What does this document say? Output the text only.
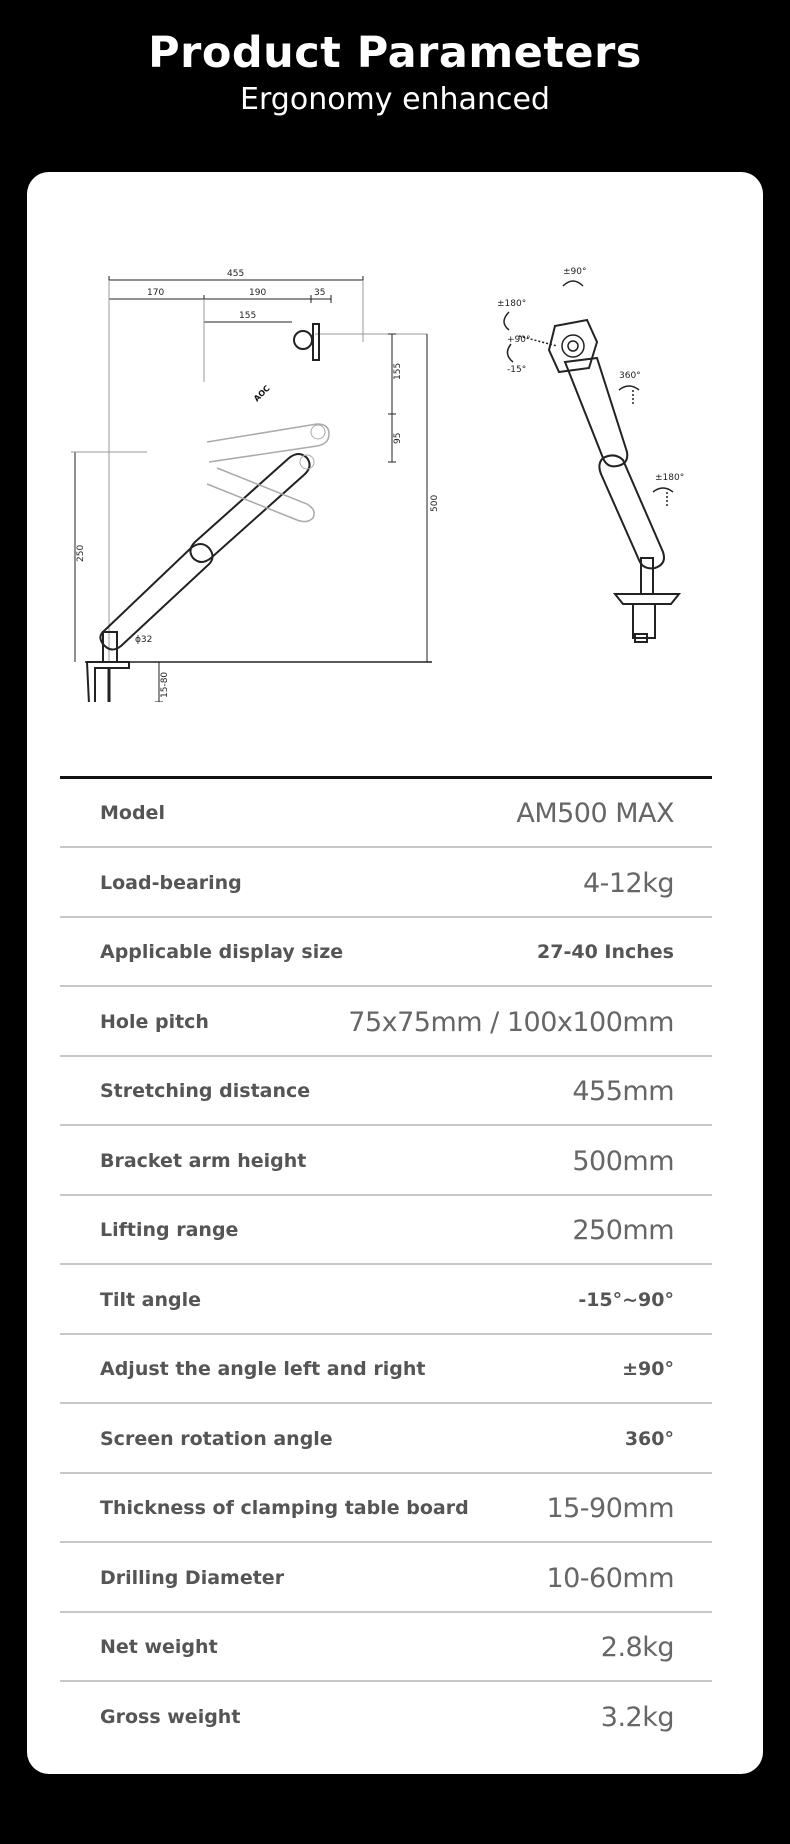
Product Parameters
Ergonomy enhanced
455
170	190	35
155
155
95
500
250
ϕ32
15-80
AOC
±90°
±180°
+90°
-15°
360°
±180°
Model	AM500 MAX
Load-bearing	4-12kg
Applicable display size	27-40 Inches
Hole pitch	75x75mm / 100x100mm
Stretching distance	455mm
Bracket arm height	500mm
Lifting range	250mm
Tilt angle	-15°~90°
Adjust the angle left and right	±90°
Screen rotation angle	360°
Thickness of clamping table board	15-90mm
Drilling Diameter	10-60mm
Net weight	2.8kg
Gross weight	3.2kg
